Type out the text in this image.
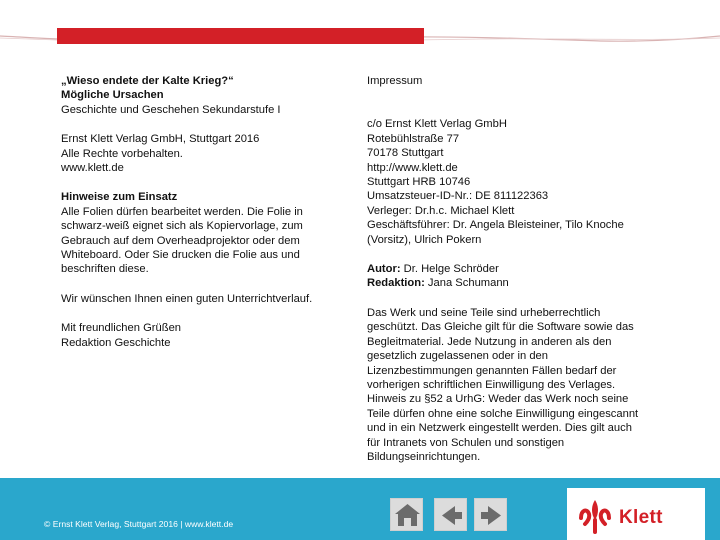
„Wieso endete der Kalte Krieg?“
Mögliche Ursachen
Geschichte und Geschehen Sekundarstufe I
Ernst Klett Verlag GmbH, Stuttgart 2016
Alle Rechte vorbehalten.
www.klett.de
Hinweise zum Einsatz
Alle Folien dürfen bearbeitet werden. Die Folie in
schwarz-weiß eignet sich als Kopiervorlage, zum
Gebrauch auf dem Overheadprojektor oder dem
Whiteboard. Oder Sie drucken die Folie aus und
beschriften diese.
Wir wünschen Ihnen einen guten Unterrichtverlauf.
Mit freundlichen Grüßen
Redaktion Geschichte
Impressum
c/o Ernst Klett Verlag GmbH
Rotebühlstraße 77
70178 Stuttgart
http://www.klett.de
Stuttgart HRB 10746
Umsatzsteuer-ID-Nr.: DE 811122363
Verleger: Dr.h.c. Michael Klett
Geschäftsführer: Dr. Angela Bleisteiner, Tilo Knoche
(Vorsitz), Ulrich Pokern
Autor: Dr. Helge Schröder
Redaktion: Jana Schumann
Das Werk und seine Teile sind urheberrechtlich
geschützt. Das Gleiche gilt für die Software sowie das
Begleitmaterial. Jede Nutzung in anderen als den
gesetzlich zugelassenen oder in den
Lizenzbestimmungen genannten Fällen bedarf der
vorherigen schriftlichen Einwilligung des Verlages.
Hinweis zu §52 a UrhG: Weder das Werk noch seine
Teile dürfen ohne eine solche Einwilligung eingescannt
und in ein Netzwerk eingestellt werden. Dies gilt auch
für Intranets von Schulen und sonstigen
Bildungseinrichtungen.
© Ernst Klett Verlag, Stuttgart 2016 | www.klett.de	Klett
